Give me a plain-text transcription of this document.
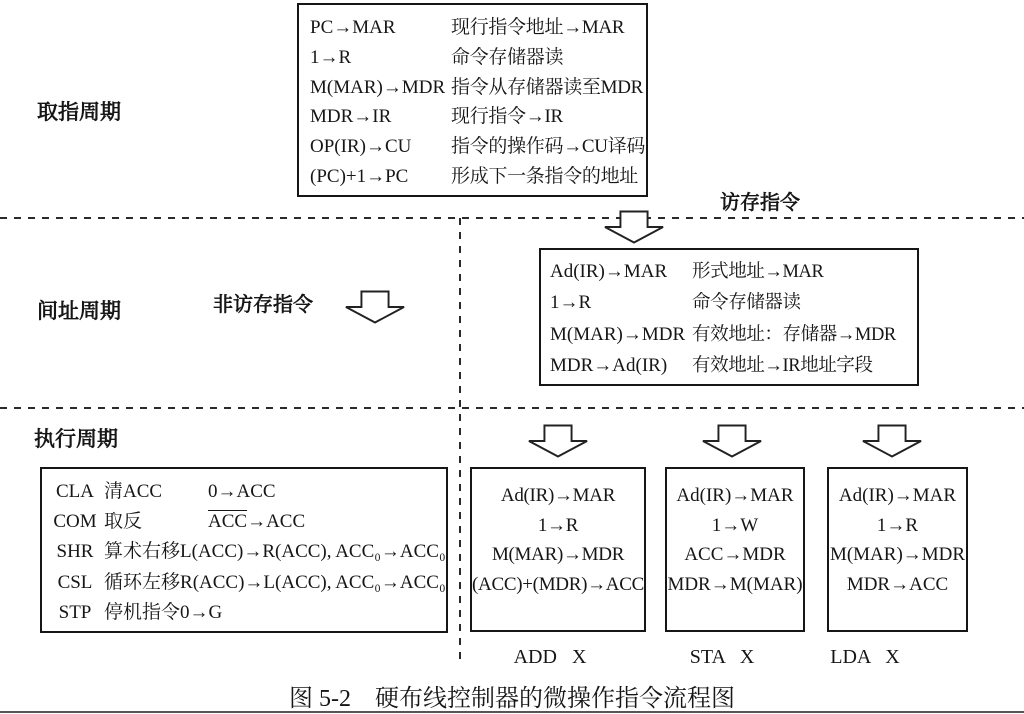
取指周期
间址周期
执行周期
访存指令
非访存指令
PC→MAR	现行指令地址→MAR
1→R	命令存储器读
M(MAR)→MDR 指令从存储器读至MDR
MDR→IR	现行指令→IR
OP(IR)→CU	指令的操作码→CU译码
(PC)+1→PC	形成下一条指令的地址
Ad(IR)→MAR	形式地址→MAR
1→R	命令存储器读
M(MAR)→MDR 有效地址：存储器→MDR
MDR→Ad(IR)	有效地址→IR地址字段
CLA 清ACC	0→ACC
COM 取反	$\overline{ACC}\to ACC$
SHR 算术右移 L(ACC)→R(ACC), ACC₀→ACC₀
CSL 循环左移 R(ACC)→L(ACC), ACC₀→ACC₀
STP 停机指令 0→G
Ad(IR)→MAR
1→R
M(MAR)→MDR
(ACC)+(MDR)→ACC
Ad(IR)→MAR
1→W
ACC→MDR
MDR→M(MAR)
Ad(IR)→MAR
1→R
M(MAR)→MDR
MDR→ACC
ADD X	STA X	LDA X
图 5-2　硬布线控制器的微操作指令流程图
